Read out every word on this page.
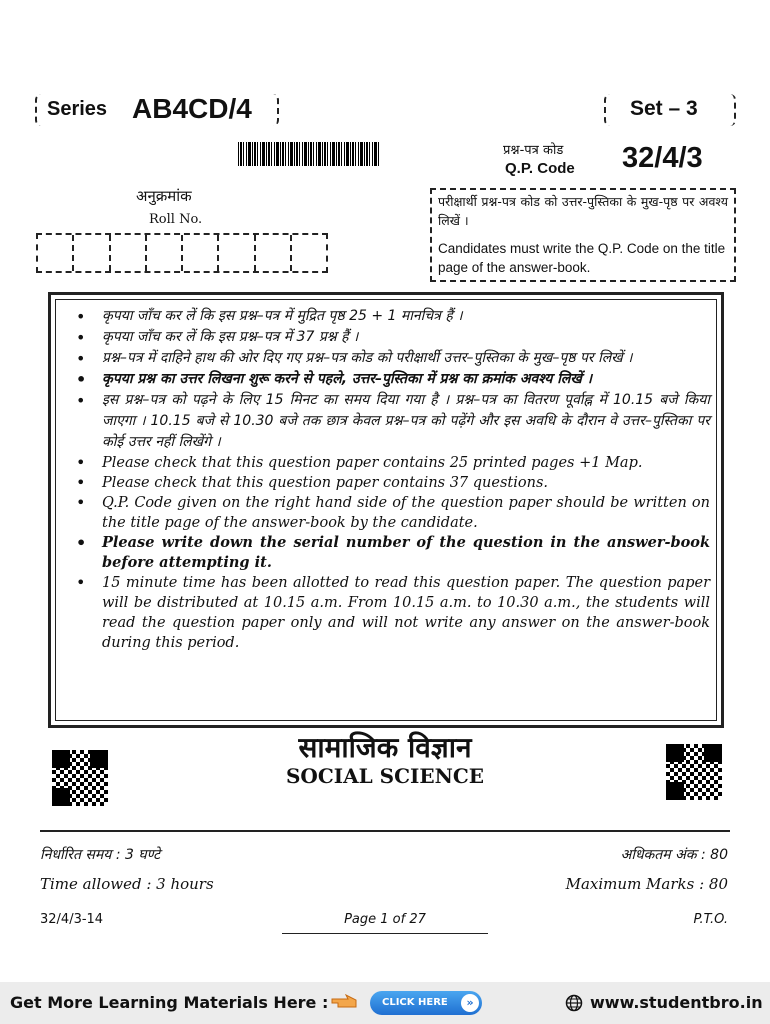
Series AB4CD/4	Set – 3
प्रश्न-पत्र कोड
Q.P. Code 32/4/3
अनुक्रमांक
Roll No.
परीक्षार्थी प्रश्न-पत्र कोड को उत्तर-पुस्तिका के मुख-पृष्ठ पर अवश्य लिखें ।
Candidates must write the Q.P. Code on the title page of the answer-book.
• कृपया जाँच कर लें कि इस प्रश्न–पत्र में मुद्रित पृष्ठ 25 + 1 मानचित्र हैं ।
• कृपया जाँच कर लें कि इस प्रश्न–पत्र में 37 प्रश्न हैं ।
• प्रश्न–पत्र में दाहिने हाथ की ओर दिए गए प्रश्न–पत्र कोड को परीक्षार्थी उत्तर–पुस्तिका के मुख–पृष्ठ पर लिखें ।
• कृपया प्रश्न का उत्तर लिखना शुरू करने से पहले, उत्तर–पुस्तिका में प्रश्न का क्रमांक अवश्य लिखें ।
• इस प्रश्न–पत्र को पढ़ने के लिए 15 मिनट का समय दिया गया है । प्रश्न–पत्र का वितरण पूर्वाह्न में 10.15 बजे किया जाएगा । 10.15 बजे से 10.30 बजे तक छात्र केवल प्रश्न–पत्र को पढ़ेंगे और इस अवधि के दौरान वे उत्तर–पुस्तिका पर कोई उत्तर नहीं लिखेंगे ।
• Please check that this question paper contains 25 printed pages +1 Map.
• Please check that this question paper contains 37 questions.
• Q.P. Code given on the right hand side of the question paper should be written on the title page of the answer-book by the candidate.
• Please write down the serial number of the question in the answer-book before attempting it.
• 15 minute time has been allotted to read this question paper. The question paper will be distributed at 10.15 a.m. From 10.15 a.m. to 10.30 a.m., the students will read the question paper only and will not write any answer on the answer-book during this period.
सामाजिक विज्ञान
SOCIAL SCIENCE
निर्धारित समय : 3 घण्टे	अधिकतम अंक : 80
Time allowed : 3 hours	Maximum Marks : 80
32/4/3-14	Page 1 of 27	P.T.O.
Get More Learning Materials Here :	CLICK HERE	»	www.studentbro.in
